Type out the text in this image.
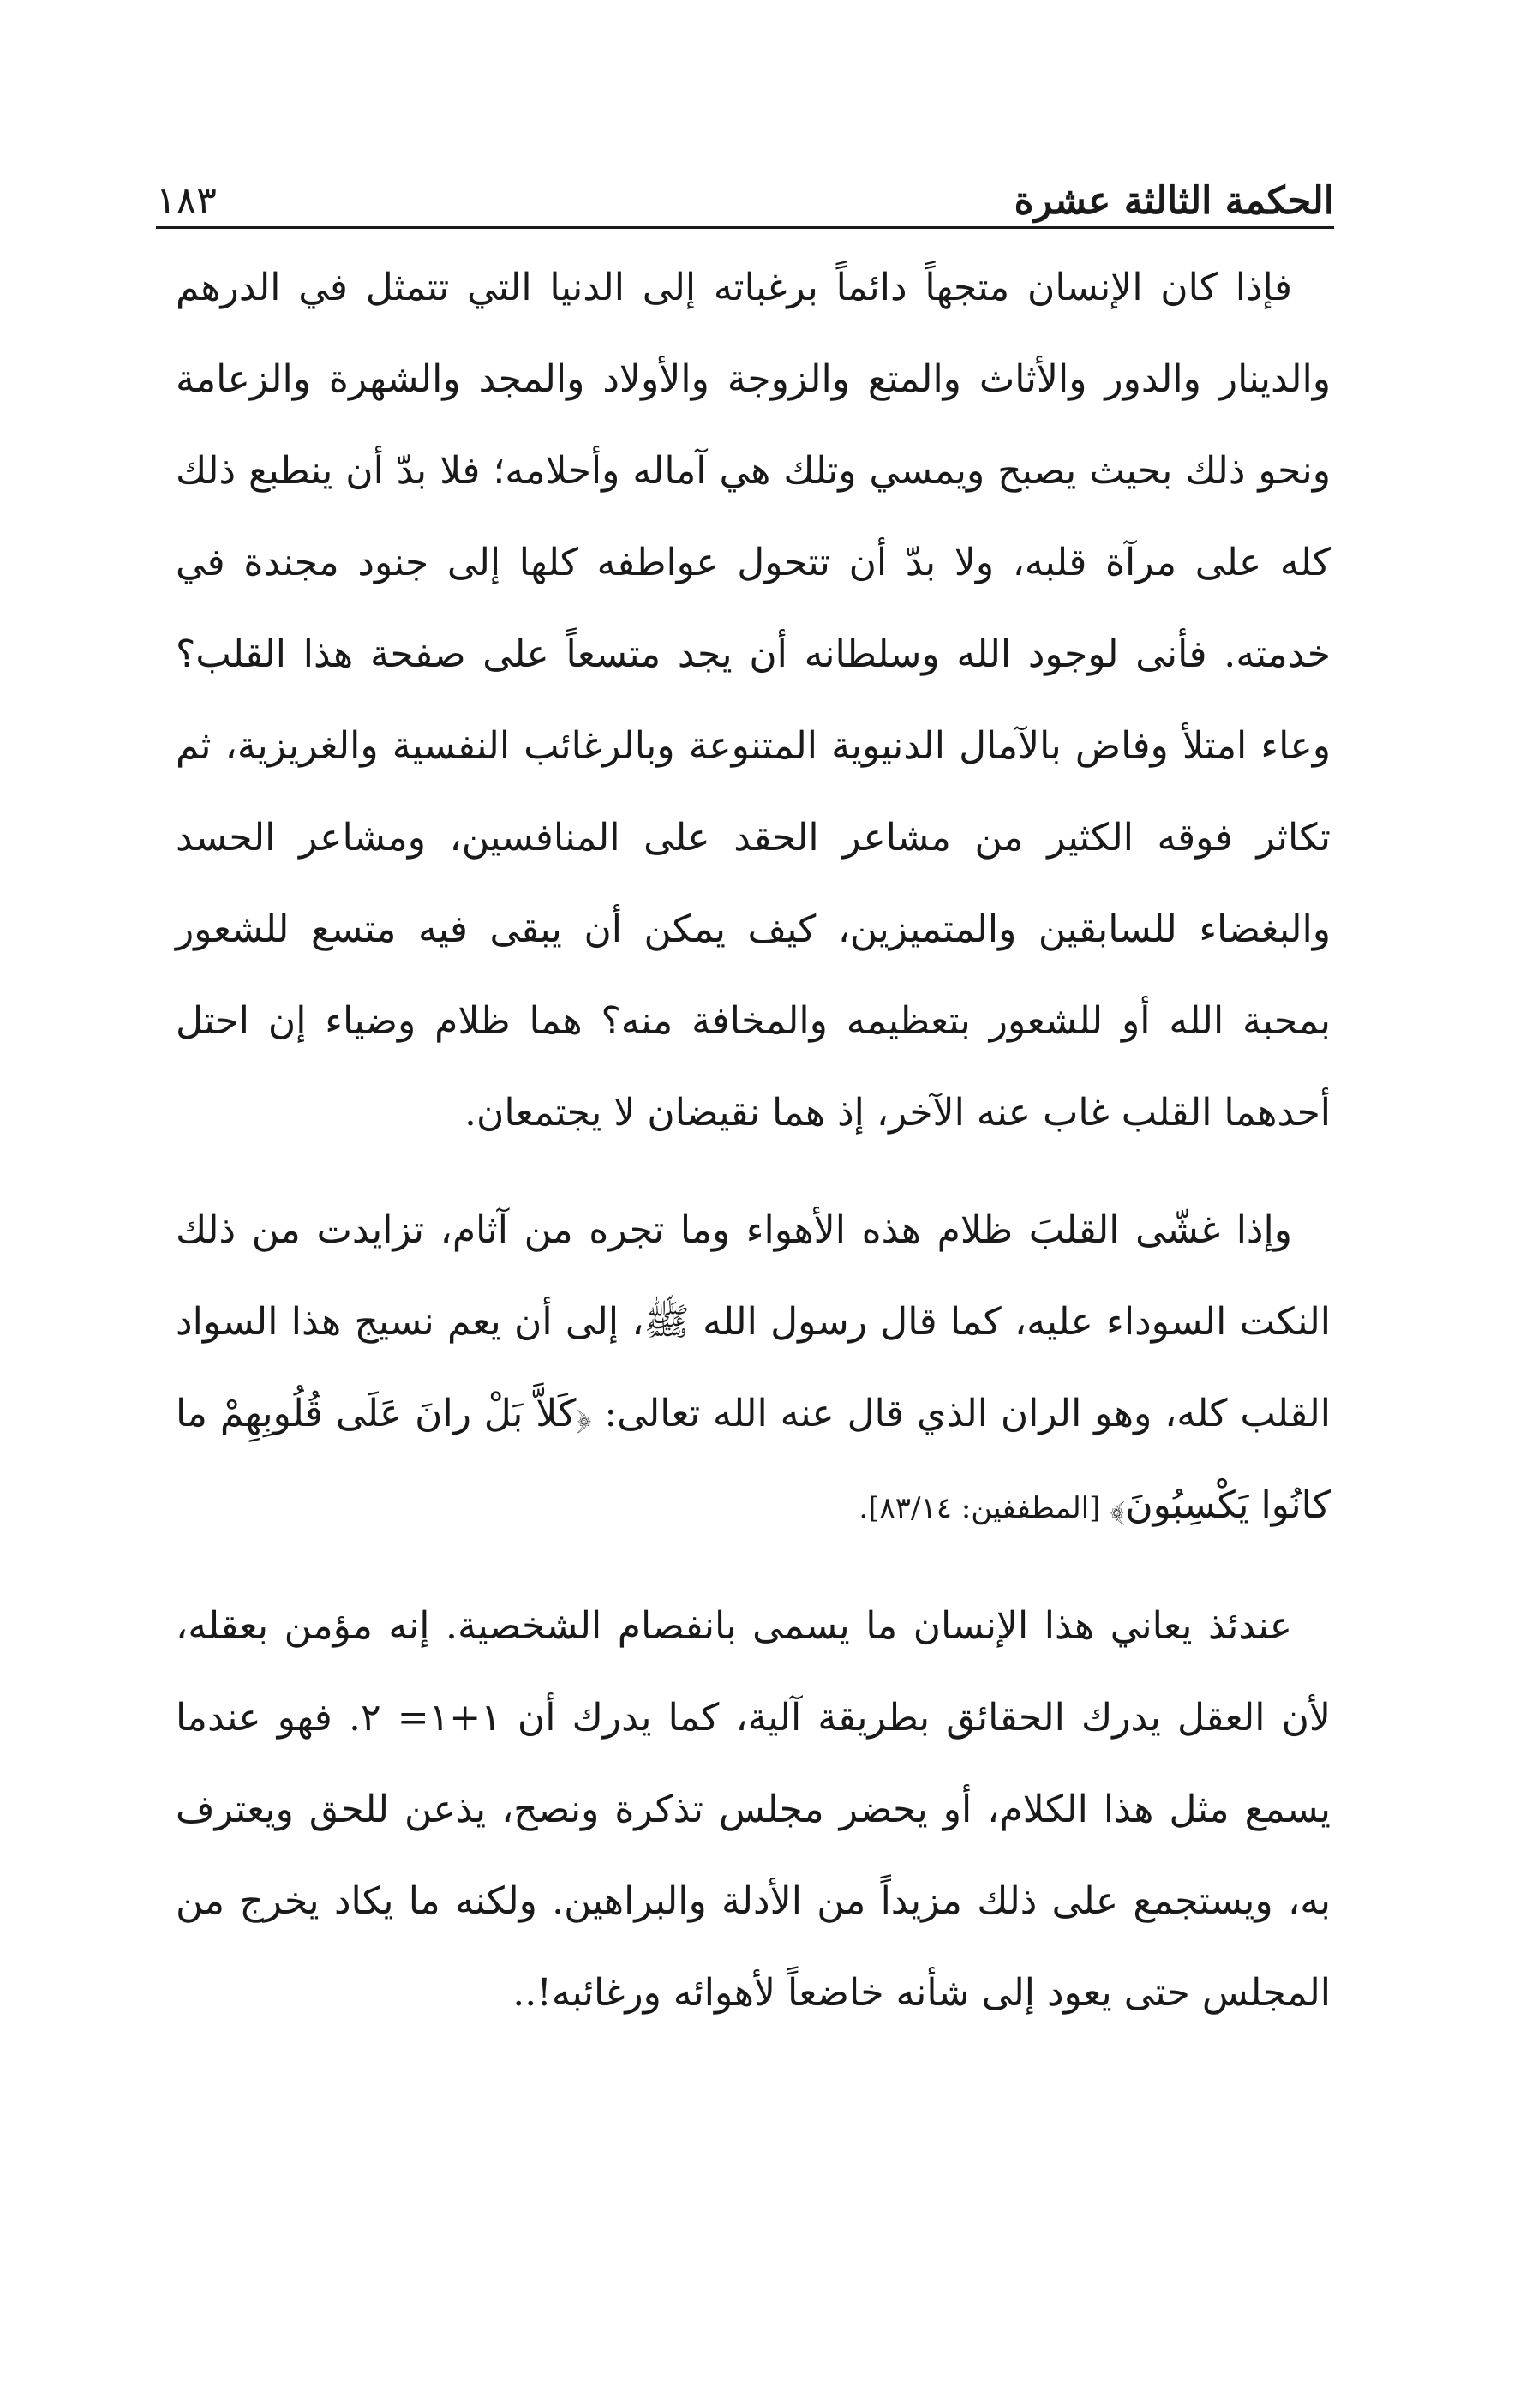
الحكمة الثالثة عشرة
١٨٣

فإذا كان الإنسان متجهاً دائماً برغباته إلى الدنيا التي تتمثل في الدرهم والدينار والدور والأثاث والمتع والزوجة والأولاد والمجد والشهرة والزعامة ونحو ذلك بحيث يصبح ويمسي وتلك هي آماله وأحلامه؛ فلا بدّ أن ينطبع ذلك كله على مرآة قلبه، ولا بدّ أن تتحول عواطفه كلها إلى جنود مجندة في خدمته. فأنى لوجود الله وسلطانه أن يجد متسعاً على صفحة هذا القلب؟ وعاء امتلأ وفاض بالآمال الدنيوية المتنوعة وبالرغائب النفسية والغريزية، ثم تكاثر فوقه الكثير من مشاعر الحقد على المنافسين، ومشاعر الحسد والبغضاء للسابقين والمتميزين، كيف يمكن أن يبقى فيه متسع للشعور بمحبة الله أو للشعور بتعظيمه والمخافة منه؟ هما ظلام وضياء إن احتل أحدهما القلب غاب عنه الآخر، إذ هما نقيضان لا يجتمعان.

وإذا غشّى القلبَ ظلام هذه الأهواء وما تجره من آثام، تزايدت من ذلك النكت السوداء عليه، كما قال رسول الله ﷺ، إلى أن يعم نسيج هذا السواد القلب كله، وهو الران الذي قال عنه الله تعالى: ﴿كَلاَّ بَلْ رانَ عَلَى قُلُوبِهِمْ ما كانُوا يَكْسِبُونَ﴾ [المطففين: ٨٣/١٤].

عندئذ يعاني هذا الإنسان ما يسمى بانفصام الشخصية. إنه مؤمن بعقله، لأن العقل يدرك الحقائق بطريقة آلية، كما يدرك أن ١+١= ٢. فهو عندما يسمع مثل هذا الكلام، أو يحضر مجلس تذكرة ونصح، يذعن للحق ويعترف به، ويستجمع على ذلك مزيداً من الأدلة والبراهين. ولكنه ما يكاد يخرج من المجلس حتى يعود إلى شأنه خاضعاً لأهوائه ورغائبه!..
